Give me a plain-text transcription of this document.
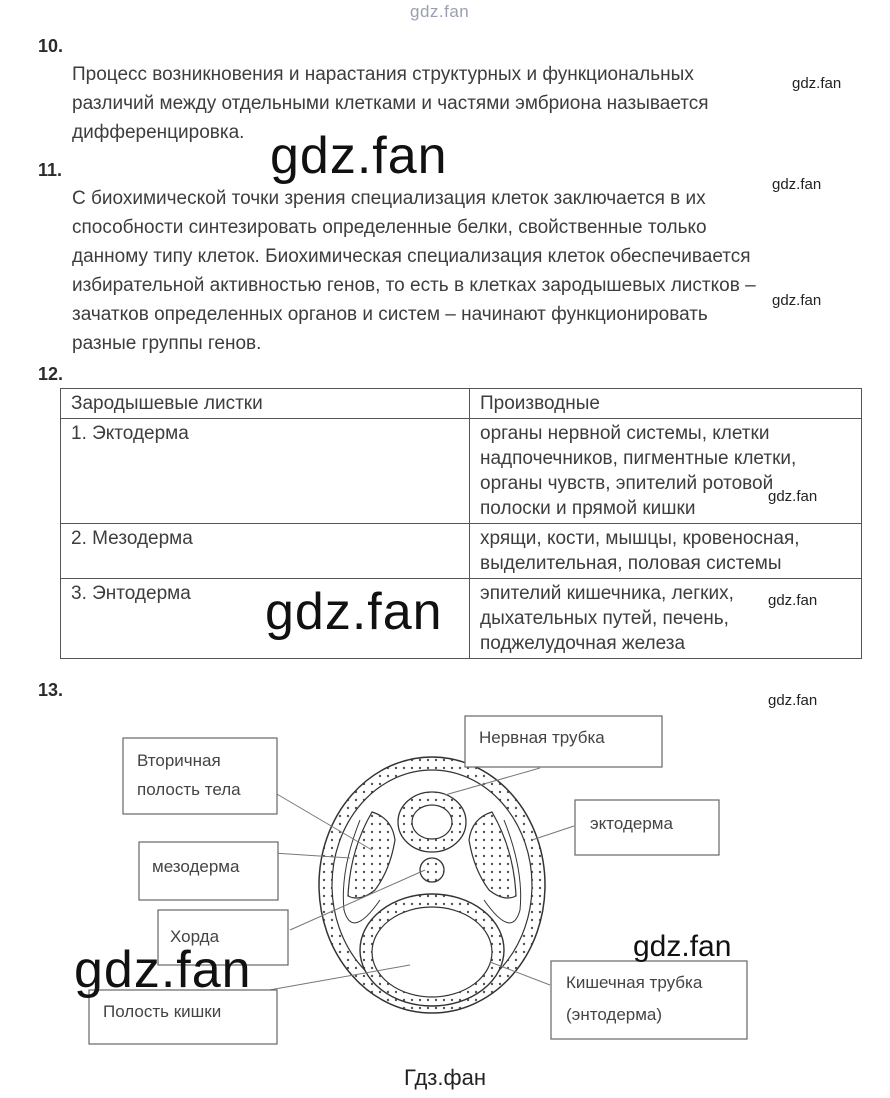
gdz.fan
10.
Процесс возникновения и нарастания структурных и функциональных
различий между отдельными клетками и частями эмбриона называется
дифференцировка.
gdz.fan
gdz.fan
11.
С биохимической точки зрения специализация клеток заключается в их
способности синтезировать определенные белки, свойственные только
данному типу клеток. Биохимическая специализация клеток обеспечивается
избирательной активностью генов, то есть в клетках зародышевых листков –
зачатков определенных органов и систем – начинают функционировать
разные группы генов.
gdz.fan
gdz.fan
12.
Зародышевые листки	Производные
1. Эктодерма	органы нервной системы, клетки
надпочечников, пигментные клетки,
органы чувств, эпителий ротовой
полоски и прямой кишки

2. Мезодерма	хрящи, кости, мышцы, кровеносная,
выделительная, половая системы

3. Энтодерма	эпителий кишечника, легких,
дыхательных путей, печень,
поджелудочная железа
gdz.fan
gdz.fan
gdz.fan
13.
gdz.fan
Вторичная
полость тела
мезодерма
Хорда
Полость кишки
Нервная трубка
эктодерма
Кишечная трубка
(энтодерма)
gdz.fan
gdz.fan
Гдз.фан
